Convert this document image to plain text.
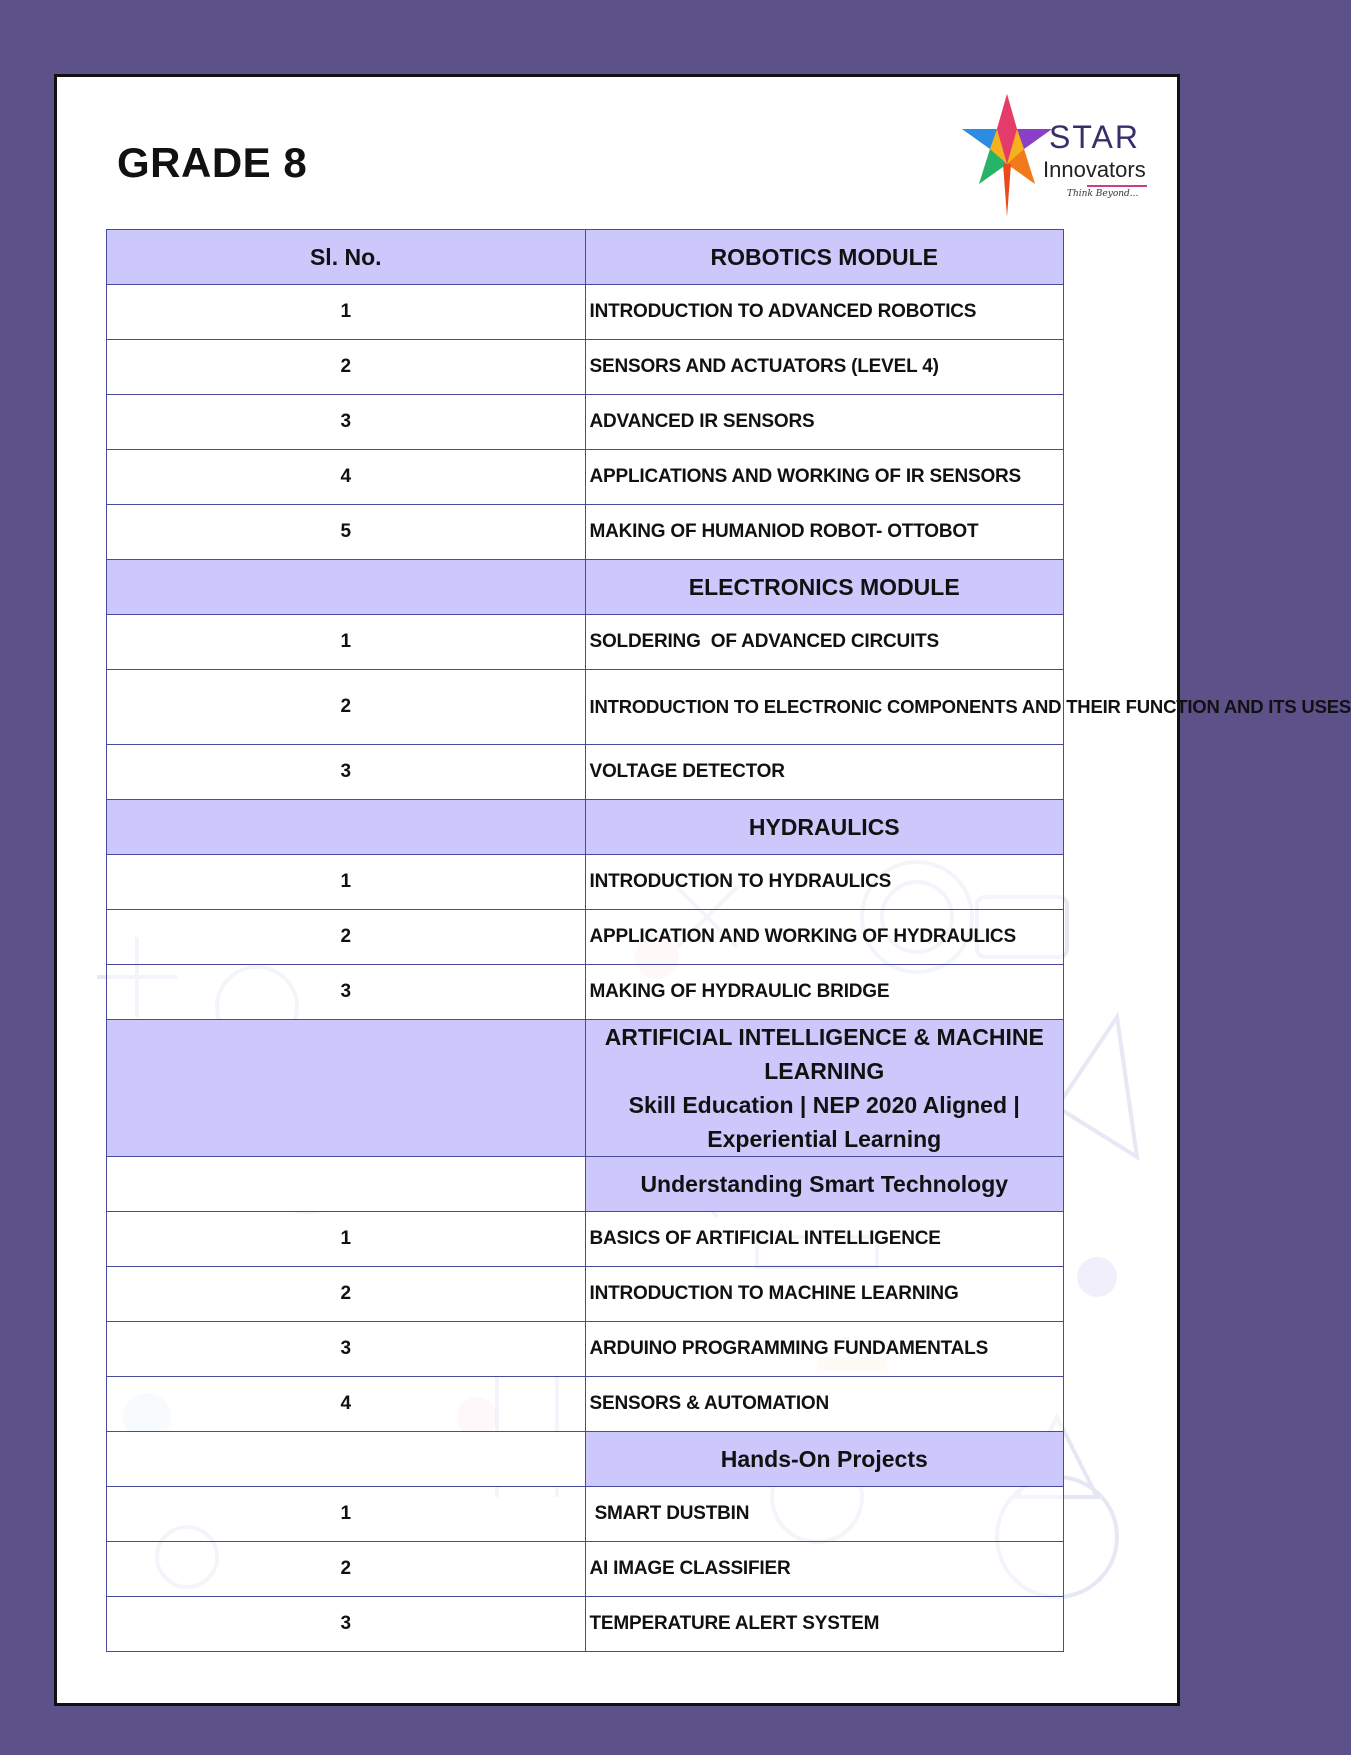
GRADE 8
STAR
Innovators
Think Beyond...
Sl. No.	ROBOTICS MODULE
1	INTRODUCTION TO ADVANCED ROBOTICS
2	SENSORS AND ACTUATORS (LEVEL 4)
3	ADVANCED IR SENSORS
4	APPLICATIONS AND WORKING OF IR SENSORS
5	MAKING OF HUMANIOD ROBOT- OTTOBOT
	ELECTRONICS MODULE
1	SOLDERING  OF ADVANCED CIRCUITS
2	INTRODUCTION TO ELECTRONIC COMPONENTS AND THEIR FUNCTION AND ITS USES
3	VOLTAGE DETECTOR
	HYDRAULICS
1	INTRODUCTION TO HYDRAULICS
2	APPLICATION AND WORKING OF HYDRAULICS
3	MAKING OF HYDRAULIC BRIDGE

	ARTIFICIAL INTELLIGENCE & MACHINE LEARNING
Skill Education | NEP 2020 Aligned | Experiential Learning

	Understanding Smart Technology
1	BASICS OF ARTIFICIAL INTELLIGENCE
2	INTRODUCTION TO MACHINE LEARNING
3	ARDUINO PROGRAMMING FUNDAMENTALS
4	SENSORS & AUTOMATION
	Hands-On Projects
1	SMART DUSTBIN
2	AI IMAGE CLASSIFIER
3	TEMPERATURE ALERT SYSTEM
